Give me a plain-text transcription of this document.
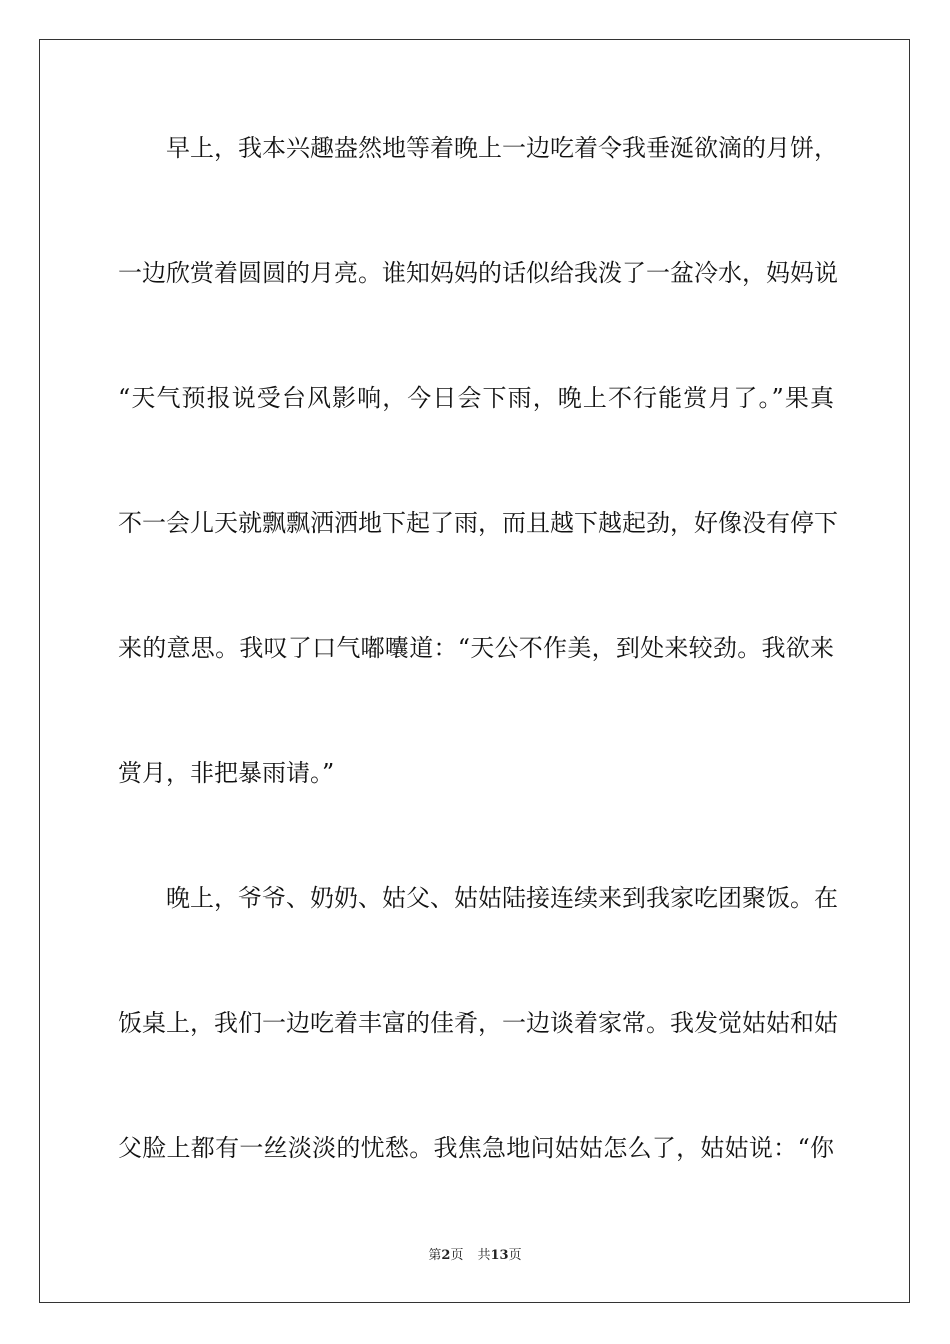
早上，我本兴趣盎然地等着晚上一边吃着令我垂涎欲滴的月饼，
一边欣赏着圆圆的月亮。谁知妈妈的话似给我泼了一盆冷水，妈妈说
“天气预报说受台风影响，今日会下雨，晚上不行能赏月了。”果真
不一会儿天就飘飘洒洒地下起了雨，而且越下越起劲，好像没有停下
来的意思。我叹了口气嘟囔道：“天公不作美，到处来较劲。我欲来
赏月，非把暴雨请。”
晚上，爷爷、奶奶、姑父、姑姑陆接连续来到我家吃团聚饭。在
饭桌上，我们一边吃着丰富的佳肴，一边谈着家常。我发觉姑姑和姑
父脸上都有一丝淡淡的忧愁。我焦急地问姑姑怎么了，姑姑说：“你
第2页 共13页
